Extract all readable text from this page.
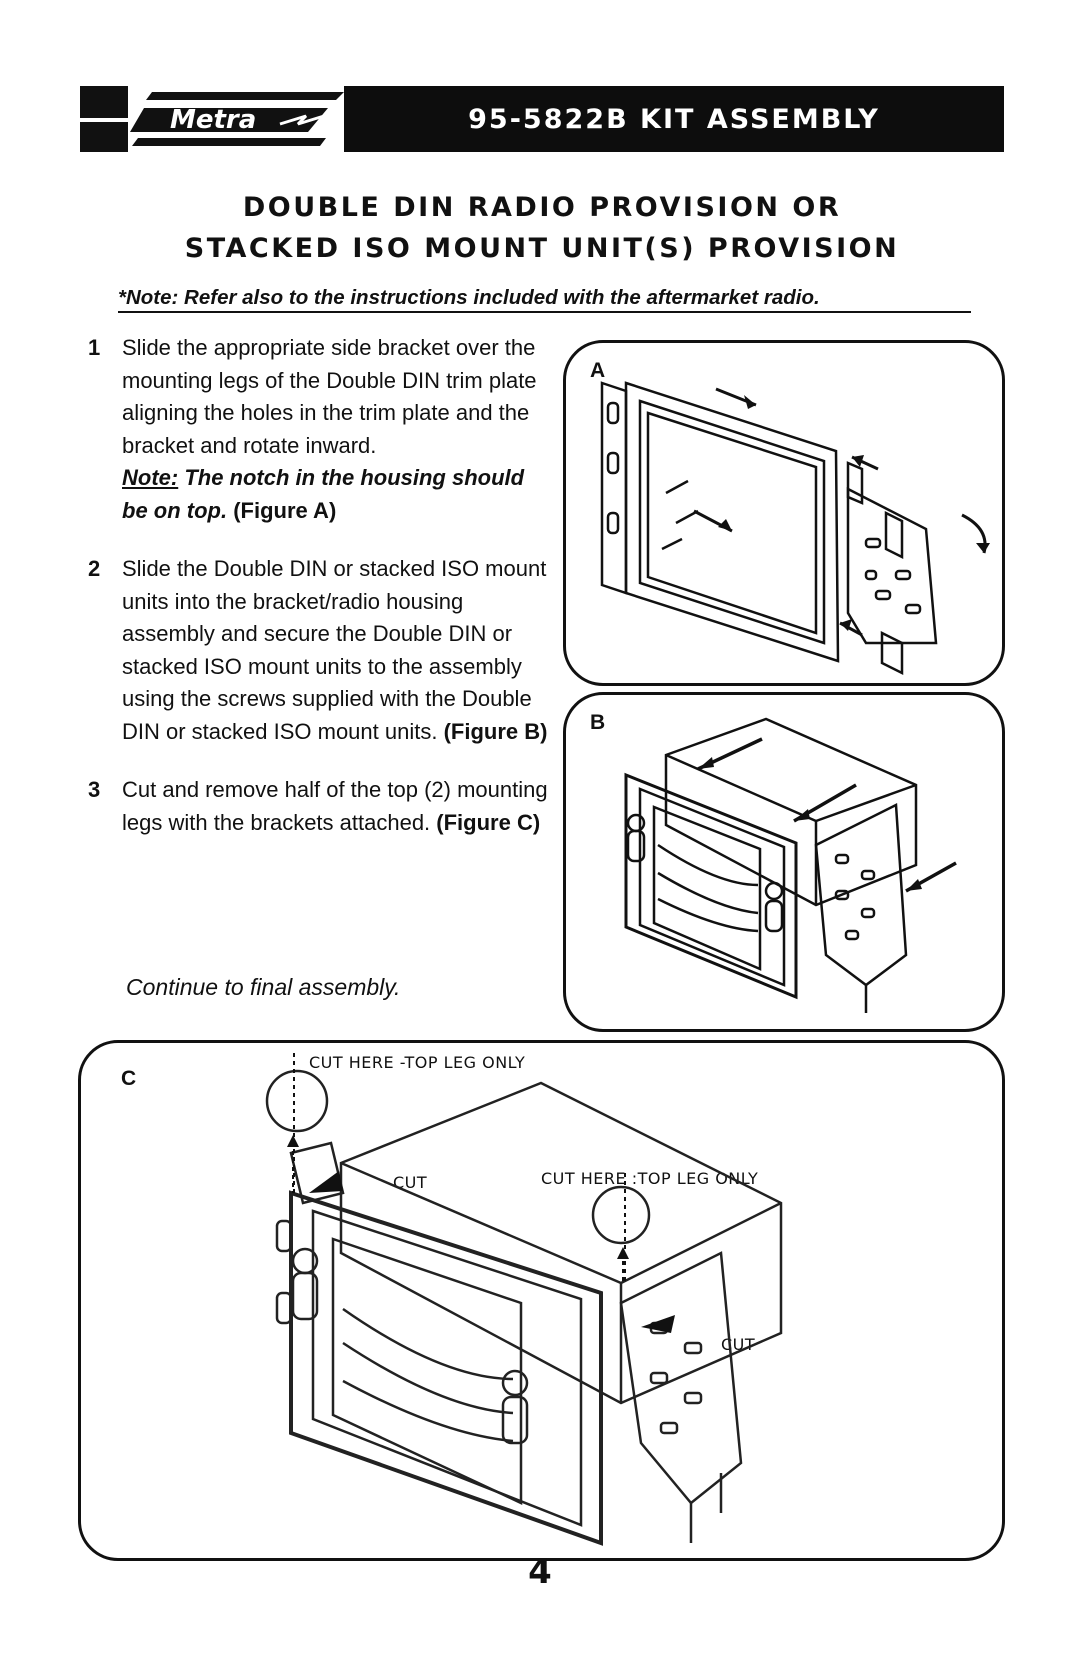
Metra	95-5822B KIT ASSEMBLY
DOUBLE DIN RADIO PROVISION OR
STACKED ISO MOUNT UNIT(S) PROVISION
*Note: Refer also to the instructions included with the aftermarket radio.
1 Slide the appropriate side bracket over the mounting legs of the Double DIN trim plate aligning the holes in the trim plate and the bracket and rotate inward.
Note: The notch in the housing should be on top. (Figure A)
2 Slide the Double DIN or stacked ISO mount units into the bracket/radio housing assembly and secure the Double DIN or stacked ISO mount units to the assembly using the screws supplied with the Double DIN or stacked ISO mount units. (Figure B)
3 Cut and remove half of the top (2) mounting legs with the brackets attached. (Figure C)
Continue to final assembly.
A
B
C
CUT HERE -TOP LEG ONLY
CUT HERE :TOP LEG ONLY
CUT
CUT
4
